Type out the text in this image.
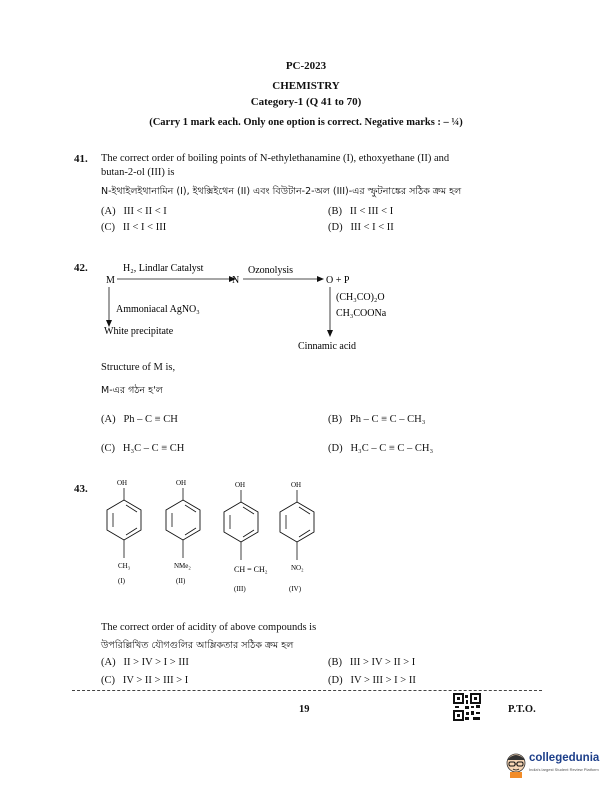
PC-2023
CHEMISTRY
Category-1 (Q 41 to 70)
(Carry 1 mark each. Only one option is correct. Negative marks : – ¼)
41. The correct order of boiling points of N-ethylethanamine (I), ethoxyethane (II) and
butan-2-ol (III) is
N-ইথাইলইথানামিন (I), ইথক্সিইথেন (II) এবং বিউটান-2-অল (III)-এর স্ফুটনাঙ্কের সঠিক ক্রম হল
(A) III < II < I	(B) II < III < I
(C) II < I < III	(D) III < I < II
42.
M
H₂, Lindlar Catalyst
N
Ozonolysis
O + P
(CH₃CO)₂O
CH₃COONa
Cinnamic acid
Ammoniacal AgNO₃
White precipitate
Structure of M is,
M-এর গঠন হ'ল
(A) Ph – C ≡ CH	(B) Ph – C ≡ C – CH₃
(C) H₃C – C ≡ CH	(D) H₃C – C ≡ C – CH₃
43.	OH
CH₃
(I)
OH
NMe₂
(II)
OH
CH = CH₂
(III)
OH
NO₂
(IV)
The correct order of acidity of above compounds is
উপরিল্লিখিত যৌগগুলির আম্লিকতার সঠিক ক্রম হল
(A) II > IV > I > III	(B) III > IV > II > I
(C) IV > II > III > I	(D) IV > III > I > II
19	P.T.O.
collegedunia
India's largest Student Review Platform
